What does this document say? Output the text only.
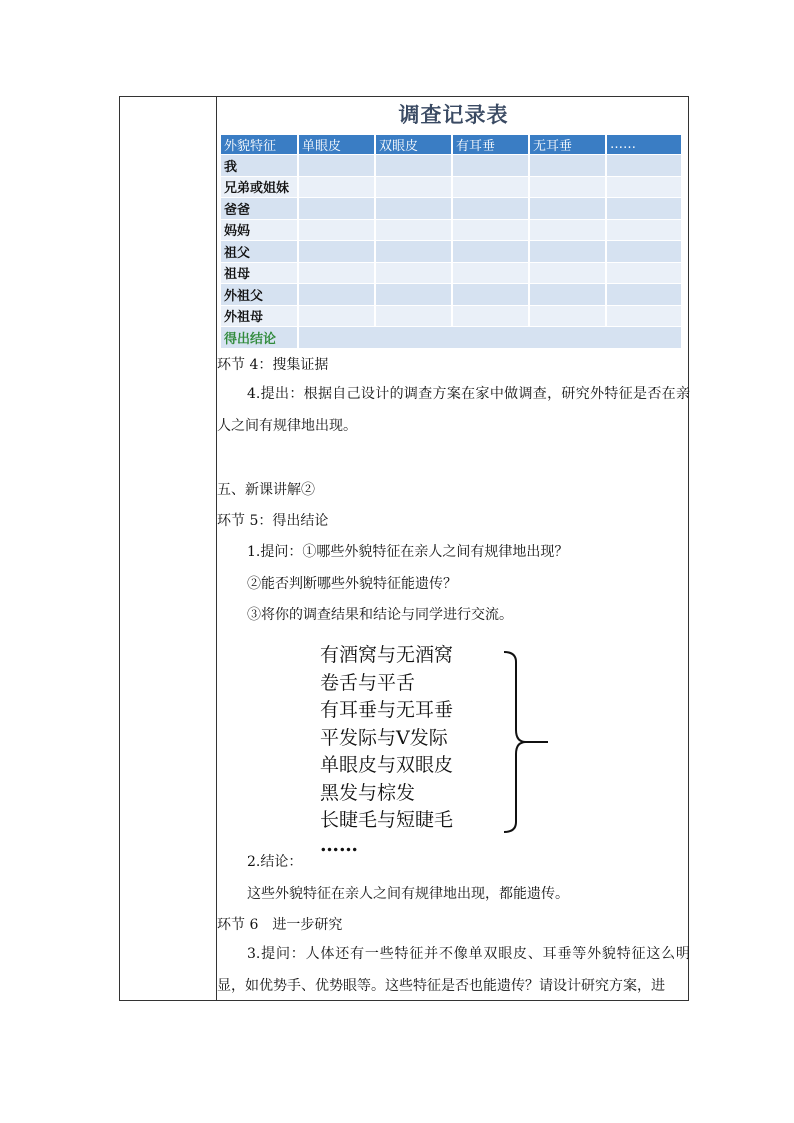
调查记录表
外貌特征	单眼皮	双眼皮	有耳垂	无耳垂	……
我					
兄弟或姐妹					
爸爸					
妈妈					
祖父					
祖母					
外祖父					
外祖母					
得出结论					
环节 4：搜集证据
4.提出：根据自己设计的调查方案在家中做调查，研究外特征是否在亲人之间有规律地出现。
五、新课讲解②
环节 5：得出结论
1.提问：①哪些外貌特征在亲人之间有规律地出现？
②能否判断哪些外貌特征能遗传？
③将你的调查结果和结论与同学进行交流。
有酒窝与无酒窝
卷舌与平舌
有耳垂与无耳垂
平发际与V发际
单眼皮与双眼皮
黑发与棕发
长睫毛与短睫毛
……
2.结论：
这些外貌特征在亲人之间有规律地出现，都能遗传。
环节 6　进一步研究
3.提问：人体还有一些特征并不像单双眼皮、耳垂等外貌特征这么明显，如优势手、优势眼等。这些特征是否也能遗传？请设计研究方案，进
